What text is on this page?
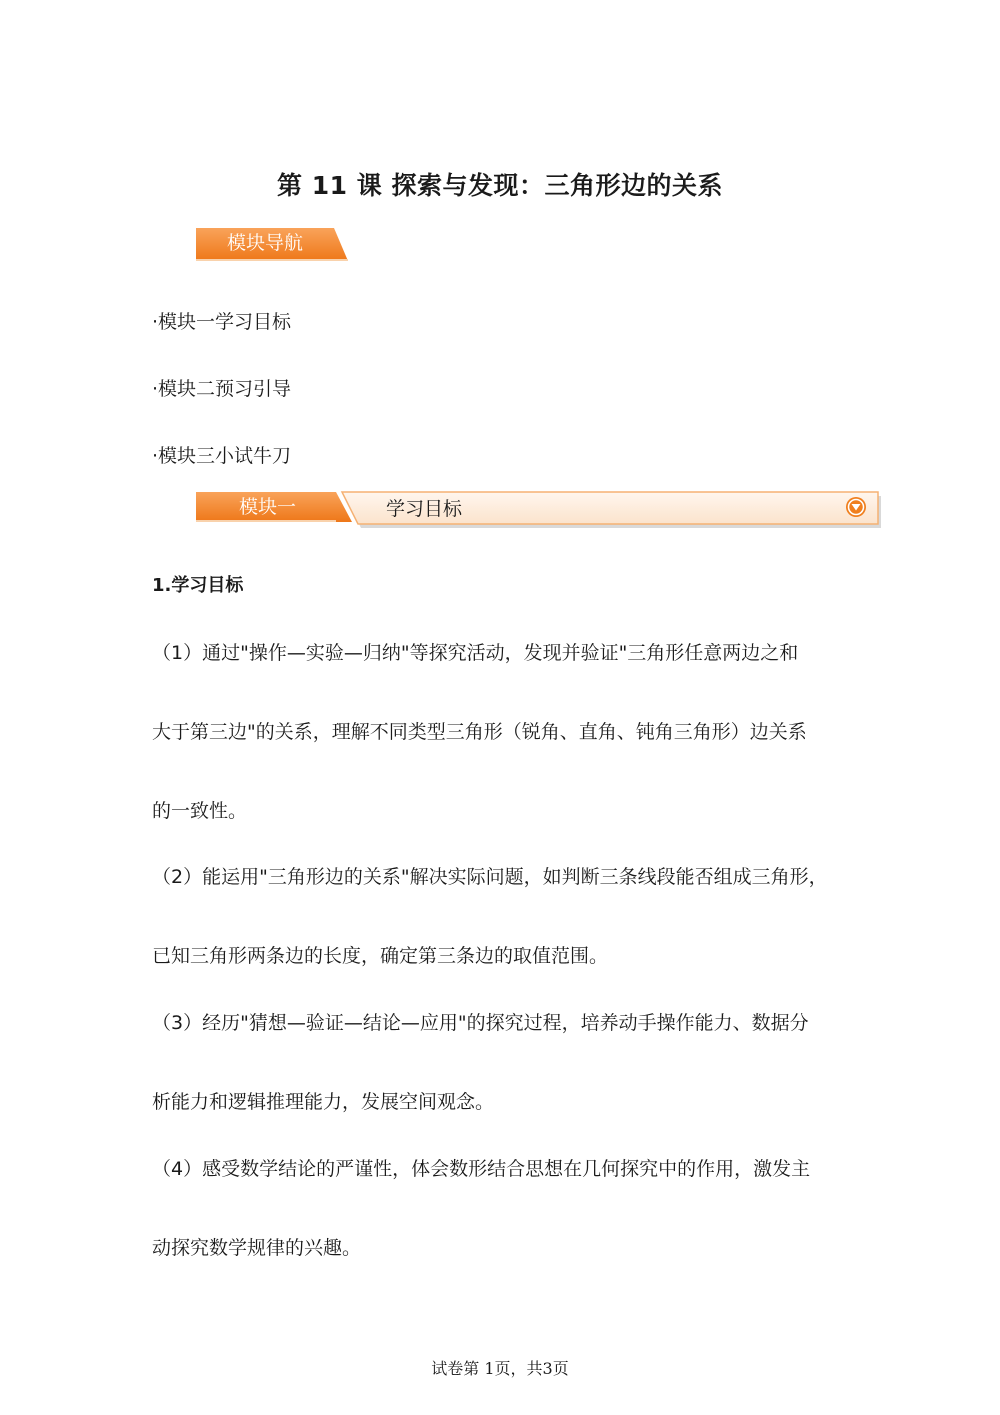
第 11 课 探索与发现：三角形边的关系
模块导航
·模块一学习目标
·模块二预习引导
·模块三小试牛刀
模块一	学习目标
1.学习目标
（1）通过"操作—实验—归纳"等探究活动，发现并验证"三角形任意两边之和
大于第三边"的关系，理解不同类型三角形（锐角、直角、钝角三角形）边关系
的一致性。
（2）能运用"三角形边的关系"解决实际问题，如判断三条线段能否组成三角形，
已知三角形两条边的长度，确定第三条边的取值范围。
（3）经历"猜想—验证—结论—应用"的探究过程，培养动手操作能力、数据分
析能力和逻辑推理能力，发展空间观念。
（4）感受数学结论的严谨性，体会数形结合思想在几何探究中的作用，激发主
动探究数学规律的兴趣。
试卷第 1页，共3页
